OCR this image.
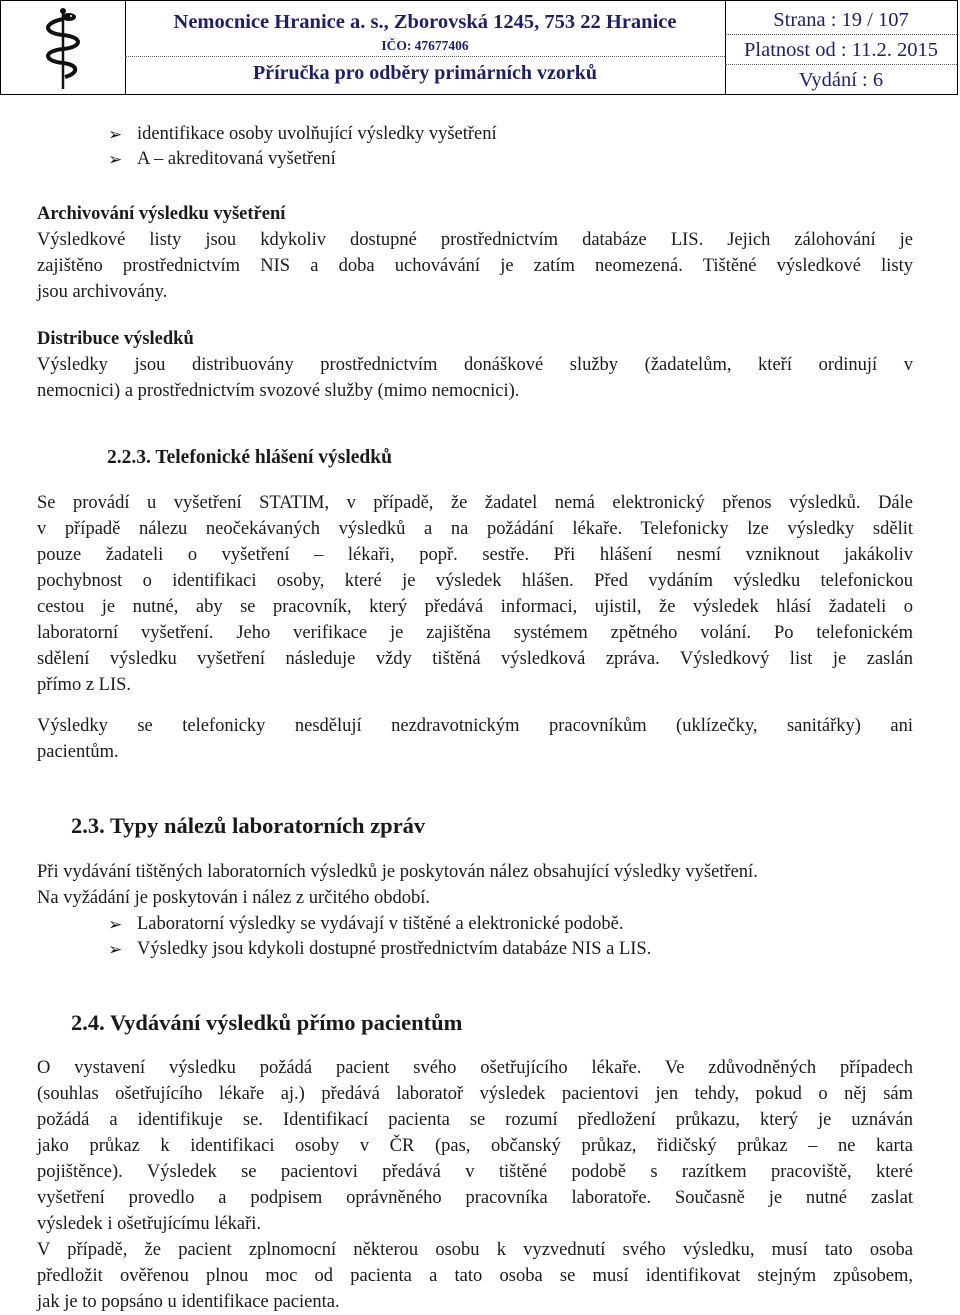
Nemocnice Hranice a. s., Zborovská 1245, 753 22 Hranice
IČO: 47677406
Příručka pro odběry primárních vzorků
Strana : 19 / 107
Platnost od : 11.2. 2015
Vydání : 6
➢ identifikace osoby uvolňující výsledky vyšetření
➢ A – akreditovaná vyšetření
Archivování výsledku vyšetření
Výsledkové listy jsou kdykoliv dostupné prostřednictvím databáze LIS. Jejich zálohování je
zajištěno prostřednictvím NIS a doba uchovávání je zatím neomezená. Tištěné výsledkové listy
jsou archivovány.
Distribuce výsledků
Výsledky jsou distribuovány prostřednictvím donáškové služby (žadatelům, kteří ordinují v
nemocnici) a prostřednictvím svozové služby (mimo nemocnici).
2.2.3. Telefonické hlášení výsledků
Se provádí u vyšetření STATIM, v případě, že žadatel nemá elektronický přenos výsledků. Dále
v případě nálezu neočekávaných výsledků a na požádání lékaře. Telefonicky lze výsledky sdělit
pouze žadateli o vyšetření – lékaři, popř. sestře. Při hlášení nesmí vzniknout jakákoliv
pochybnost o identifikaci osoby, které je výsledek hlášen. Před vydáním výsledku telefonickou
cestou je nutné, aby se pracovník, který předává informaci, ujistil, že výsledek hlásí žadateli o
laboratorní vyšetření. Jeho verifikace je zajištěna systémem zpětného volání. Po telefonickém
sdělení výsledku vyšetření následuje vždy tištěná výsledková zpráva. Výsledkový list je zaslán
přímo z LIS.
Výsledky se telefonicky nesdělují nezdravotnickým pracovníkům (uklízečky, sanitářky) ani
pacientům.
2.3. Typy nálezů laboratorních zpráv
Při vydávání tištěných laboratorních výsledků je poskytován nález obsahující výsledky vyšetření.
Na vyžádání je poskytován i nález z určitého období.
➢ Laboratorní výsledky se vydávají v tištěné a elektronické podobě.
➢ Výsledky jsou kdykoli dostupné prostřednictvím databáze NIS a LIS.
2.4. Vydávání výsledků přímo pacientům
O vystavení výsledku požádá pacient svého ošetřujícího lékaře. Ve zdůvodněných případech
(souhlas ošetřujícího lékaře aj.) předává laboratoř výsledek pacientovi jen tehdy, pokud o něj sám
požádá a identifikuje se. Identifikací pacienta se rozumí předložení průkazu, který je uznáván
jako průkaz k identifikaci osoby v ČR (pas, občanský průkaz, řidičský průkaz – ne karta
pojištěnce). Výsledek se pacientovi předává v tištěné podobě s razítkem pracoviště, které
vyšetření provedlo a podpisem oprávněného pracovníka laboratoře. Současně je nutné zaslat
výsledek i ošetřujícímu lékaři.
V případě, že pacient zplnomocní některou osobu k vyzvednutí svého výsledku, musí tato osoba
předložit ověřenou plnou moc od pacienta a tato osoba se musí identifikovat stejným způsobem,
jak je to popsáno u identifikace pacienta.
